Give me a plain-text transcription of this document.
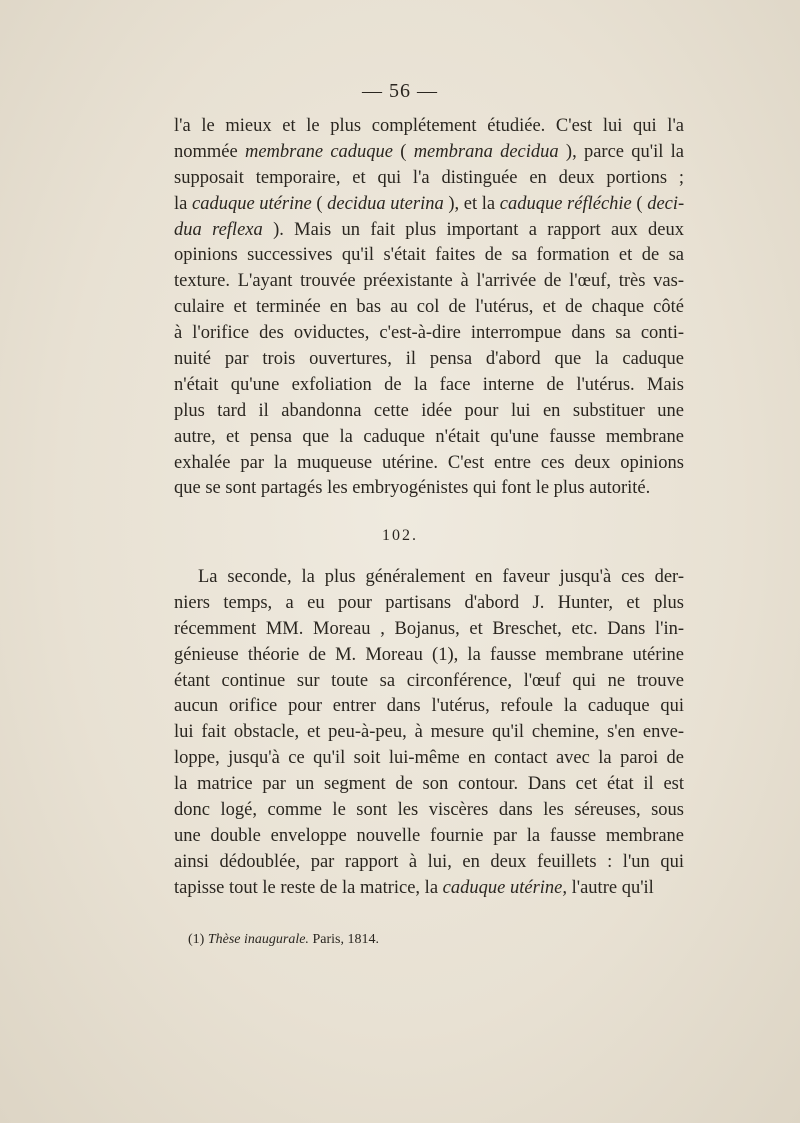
— 56 —
l'a le mieux et le plus complétement étudiée. C'est lui qui l'a
nommée membrane caduque ( membrana decidua ), parce qu'il la
supposait temporaire, et qui l'a distinguée en deux portions ;
la caduque utérine ( decidua uterina ), et la caduque réfléchie ( deci-
dua reflexa ). Mais un fait plus important a rapport aux deux
opinions successives qu'il s'était faites de sa formation et de sa
texture. L'ayant trouvée préexistante à l'arrivée de l'œuf, très vas-
culaire et terminée en bas au col de l'utérus, et de chaque côté
à l'orifice des oviductes, c'est-à-dire interrompue dans sa conti-
nuité par trois ouvertures, il pensa d'abord que la caduque
n'était qu'une exfoliation de la face interne de l'utérus. Mais
plus tard il abandonna cette idée pour lui en substituer une
autre, et pensa que la caduque n'était qu'une fausse membrane
exhalée par la muqueuse utérine. C'est entre ces deux opinions
que se sont partagés les embryogénistes qui font le plus autorité.
102.
La seconde, la plus généralement en faveur jusqu'à ces der-
niers temps, a eu pour partisans d'abord J. Hunter, et plus
récemment MM. Moreau , Bojanus, et Breschet, etc. Dans l'in-
génieuse théorie de M. Moreau (1), la fausse membrane utérine
étant continue sur toute sa circonférence, l'œuf qui ne trouve
aucun orifice pour entrer dans l'utérus, refoule la caduque qui
lui fait obstacle, et peu-à-peu, à mesure qu'il chemine, s'en enve-
loppe, jusqu'à ce qu'il soit lui-même en contact avec la paroi de
la matrice par un segment de son contour. Dans cet état il est
donc logé, comme le sont les viscères dans les séreuses, sous
une double enveloppe nouvelle fournie par la fausse membrane
ainsi dédoublée, par rapport à lui, en deux feuillets : l'un qui
tapisse tout le reste de la matrice, la caduque utérine, l'autre qu'il
(1) Thèse inaugurale. Paris, 1814.
